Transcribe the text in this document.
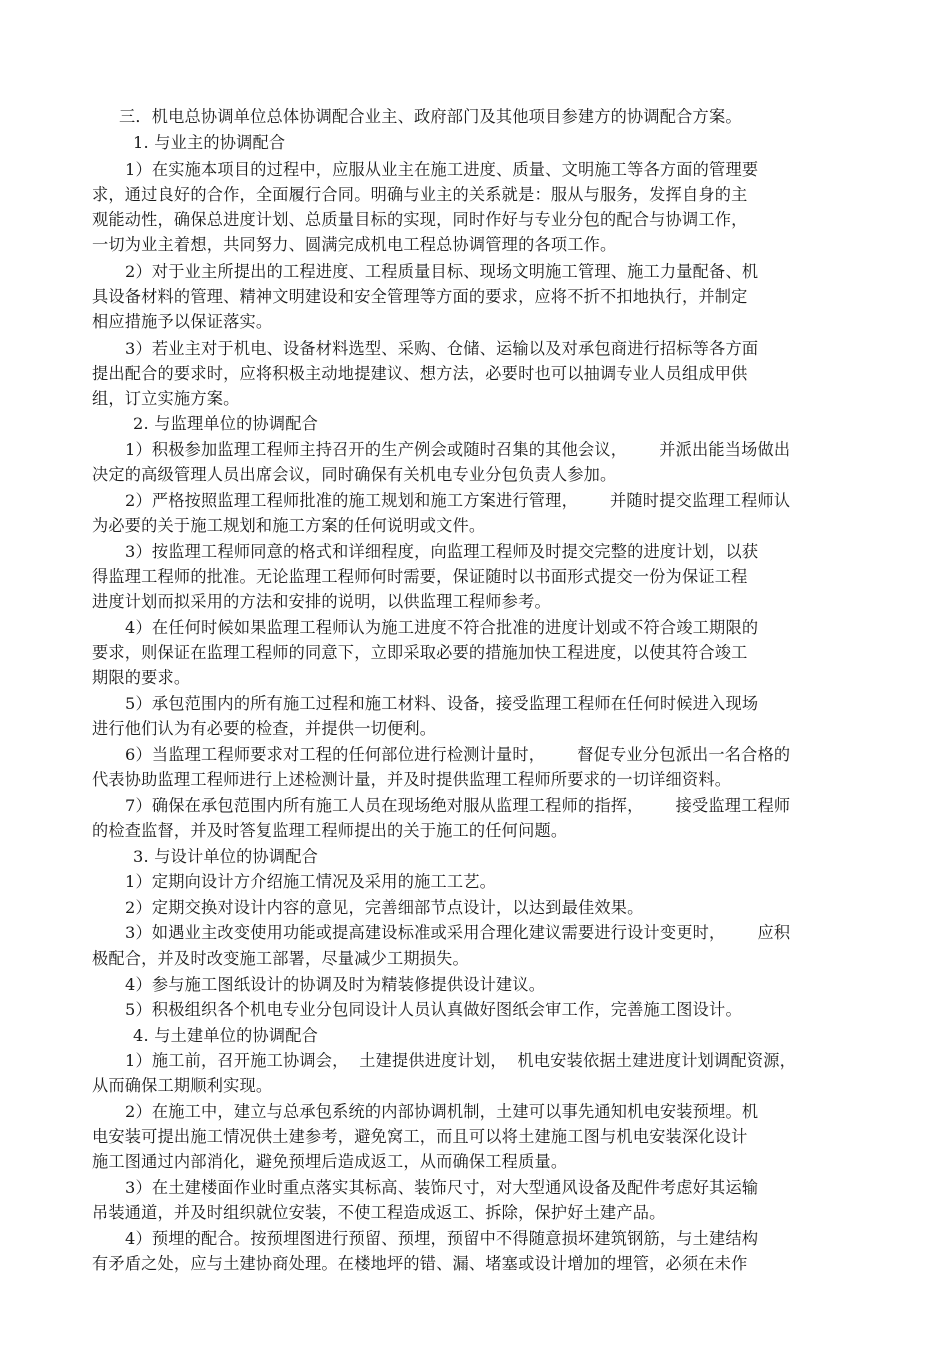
三．机电总协调单位总体协调配合业主、政府部门及其他项目参建方的协调配合方案。
1. 与业主的协调配合
1）在实施本项目的过程中，应服从业主在施工进度、质量、文明施工等各方面的管理要
求，通过良好的合作，全面履行合同。明确与业主的关系就是：服从与服务，发挥自身的主
观能动性，确保总进度计划、总质量目标的实现，同时作好与专业分包的配合与协调工作，
一切为业主着想，共同努力、圆满完成机电工程总协调管理的各项工作。
2）对于业主所提出的工程进度、工程质量目标、现场文明施工管理、施工力量配备、机
具设备材料的管理、精神文明建设和安全管理等方面的要求，应将不折不扣地执行，并制定
相应措施予以保证落实。
3）若业主对于机电、设备材料选型、采购、仓储、运输以及对承包商进行招标等各方面
提出配合的要求时，应将积极主动地提建议、想方法，必要时也可以抽调专业人员组成甲供
组，订立实施方案。
2. 与监理单位的协调配合
1）积极参加监理工程师主持召开的生产例会或随时召集的其他会议，      并派出能当场做出
决定的高级管理人员出席会议，同时确保有关机电专业分包负责人参加。
2）严格按照监理工程师批准的施工规划和施工方案进行管理，      并随时提交监理工程师认
为必要的关于施工规划和施工方案的任何说明或文件。
3）按监理工程师同意的格式和详细程度，向监理工程师及时提交完整的进度计划，以获
得监理工程师的批准。无论监理工程师何时需要，保证随时以书面形式提交一份为保证工程
进度计划而拟采用的方法和安排的说明，以供监理工程师参考。
4）在任何时候如果监理工程师认为施工进度不符合批准的进度计划或不符合竣工期限的
要求，则保证在监理工程师的同意下，立即采取必要的措施加快工程进度，以使其符合竣工
期限的要求。
5）承包范围内的所有施工过程和施工材料、设备，接受监理工程师在任何时候进入现场
进行他们认为有必要的检查，并提供一切便利。
6）当监理工程师要求对工程的任何部位进行检测计量时，      督促专业分包派出一名合格的
代表协助监理工程师进行上述检测计量，并及时提供监理工程师所要求的一切详细资料。
7）确保在承包范围内所有施工人员在现场绝对服从监理工程师的指挥，      接受监理工程师
的检查监督，并及时答复监理工程师提出的关于施工的任何问题。
3. 与设计单位的协调配合
1）定期向设计方介绍施工情况及采用的施工工艺。
2）定期交换对设计内容的意见，完善细部节点设计，以达到最佳效果。
3）如遇业主改变使用功能或提高建设标准或采用合理化建议需要进行设计变更时，      应积
极配合，并及时改变施工部署，尽量减少工期损失。
4）参与施工图纸设计的协调及时为精装修提供设计建议。
5）积极组织各个机电专业分包同设计人员认真做好图纸会审工作，完善施工图设计。
4. 与土建单位的协调配合
1）施工前，召开施工协调会，  土建提供进度计划，  机电安装依据土建进度计划调配资源，
从而确保工期顺利实现。
2）在施工中，建立与总承包系统的内部协调机制，土建可以事先通知机电安装预埋。机
电安装可提出施工情况供土建参考，避免窝工，而且可以将土建施工图与机电安装深化设计
施工图通过内部消化，避免预埋后造成返工，从而确保工程质量。
3）在土建楼面作业时重点落实其标高、装饰尺寸，对大型通风设备及配件考虑好其运输
吊装通道，并及时组织就位安装，不使工程造成返工、拆除，保护好土建产品。
4）预埋的配合。按预埋图进行预留、预埋，预留中不得随意损坏建筑钢筋，与土建结构
有矛盾之处，应与土建协商处理。在楼地坪的错、漏、堵塞或设计增加的埋管，必须在未作
